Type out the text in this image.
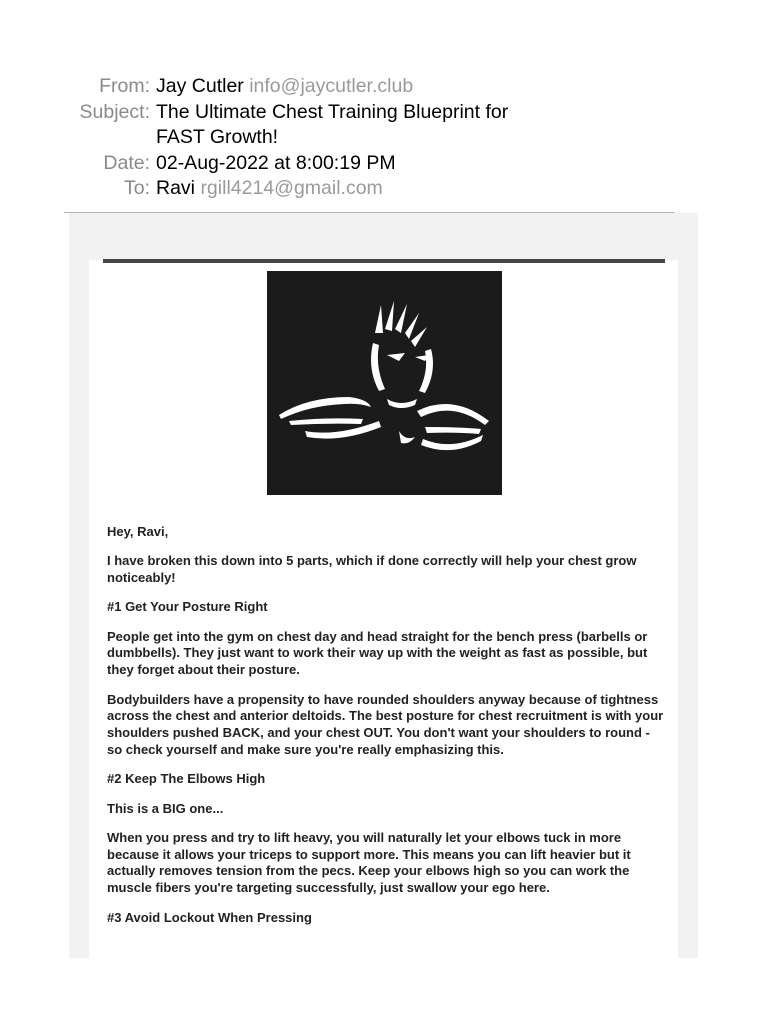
From: Jay Cutler info@jaycutler.club
Subject: The Ultimate Chest Training Blueprint for FAST Growth!
Date: 02-Aug-2022 at 8:00:19 PM
To: Ravi rgill4214@gmail.com

Hey, Ravi,

I have broken this down into 5 parts, which if done correctly will help your chest grow noticeably!

#1 Get Your Posture Right

People get into the gym on chest day and head straight for the bench press (barbells or dumbbells). They just want to work their way up with the weight as fast as possible, but they forget about their posture.

Bodybuilders have a propensity to have rounded shoulders anyway because of tightness across the chest and anterior deltoids. The best posture for chest recruitment is with your shoulders pushed BACK, and your chest OUT. You don't want your shoulders to round - so check yourself and make sure you're really emphasizing this.

#2 Keep The Elbows High

This is a BIG one...

When you press and try to lift heavy, you will naturally let your elbows tuck in more because it allows your triceps to support more. This means you can lift heavier but it actually removes tension from the pecs. Keep your elbows high so you can work the muscle fibers you're targeting successfully, just swallow your ego here.

#3 Avoid Lockout When Pressing
